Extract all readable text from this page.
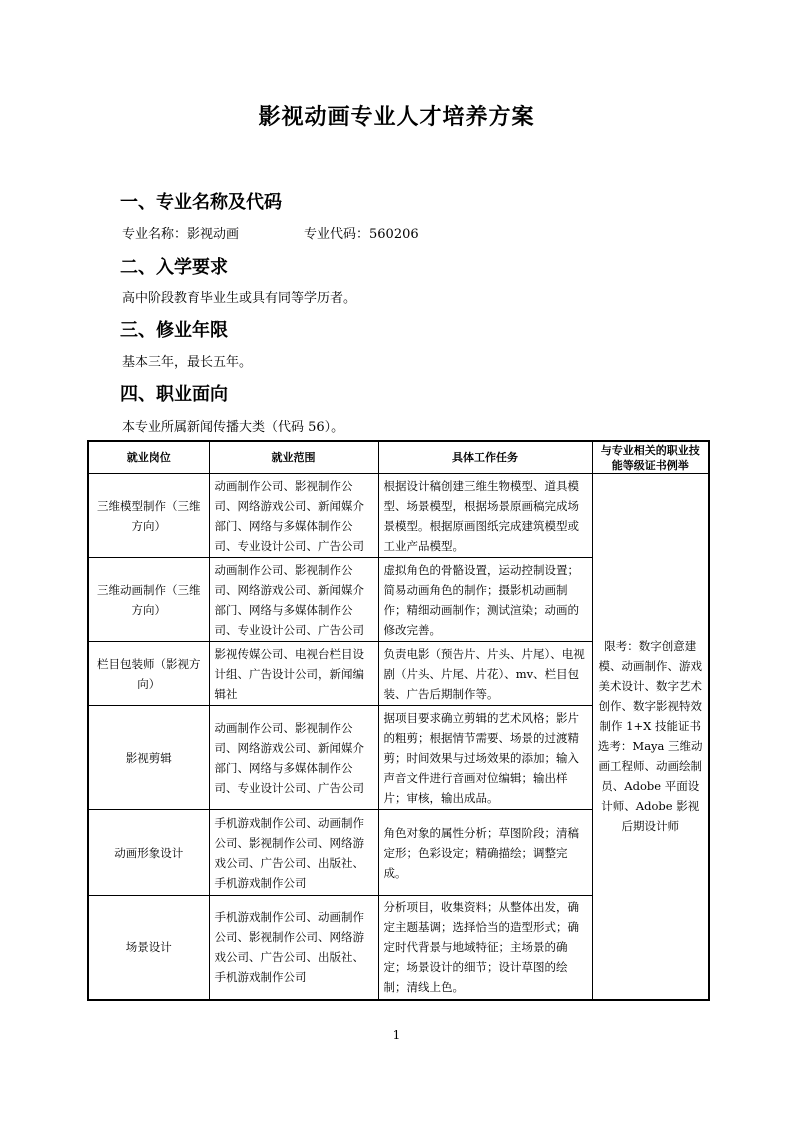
影视动画专业人才培养方案
一、专业名称及代码
专业名称：影视动画	专业代码：560206
二、入学要求
高中阶段教育毕业生或具有同等学历者。
三、修业年限
基本三年，最长五年。
四、职业面向
本专业所属新闻传播大类（代码 56）。
就业岗位	就业范围	具体工作任务	与专业相关的职业技能等级证书例举
三维模型制作（三维方向）	动画制作公司、影视制作公司、网络游戏公司、新闻媒介部门、网络与多媒体制作公司、专业设计公司、广告公司	根据设计稿创建三维生物模型、道具模型、场景模型，根据场景原画稿完成场景模型。根据原画图纸完成建筑模型或工业产品模型。	限考：数字创意建模、动画制作、游戏美术设计、数字艺术创作、数字影视特效制作 1+X 技能证书
选考：Maya 三维动画工程师、动画绘制员、Adobe 平面设计师、Adobe 影视后期设计师
三维动画制作（三维方向）	动画制作公司、影视制作公司、网络游戏公司、新闻媒介部门、网络与多媒体制作公司、专业设计公司、广告公司	虚拟角色的骨骼设置，运动控制设置；简易动画角色的制作；摄影机动画制作；精细动画制作；测试渲染；动画的修改完善。	
栏目包装师（影视方向）	影视传媒公司、电视台栏目设计组、广告设计公司，新闻编辑社	负责电影（预告片、片头、片尾）、电视剧（片头、片尾、片花）、mv、栏目包装、广告后期制作等。	
影视剪辑	动画制作公司、影视制作公司、网络游戏公司、新闻媒介部门、网络与多媒体制作公司、专业设计公司、广告公司	据项目要求确立剪辑的艺术风格；影片的粗剪；根据情节需要、场景的过渡精剪；时间效果与过场效果的添加；输入声音文件进行音画对位编辑；输出样片；审核，输出成品。	
动画形象设计	手机游戏制作公司、动画制作公司、影视制作公司、网络游戏公司、广告公司、出版社、手机游戏制作公司	角色对象的属性分析；草图阶段；清稿定形；色彩设定；精确描绘；调整完成。	
场景设计	手机游戏制作公司、动画制作公司、影视制作公司、网络游戏公司、广告公司、出版社、手机游戏制作公司	分析项目，收集资料；从整体出发，确定主题基调；选择恰当的造型形式；确定时代背景与地域特征；主场景的确定；场景设计的细节；设计草图的绘制；清线上色。	
1
